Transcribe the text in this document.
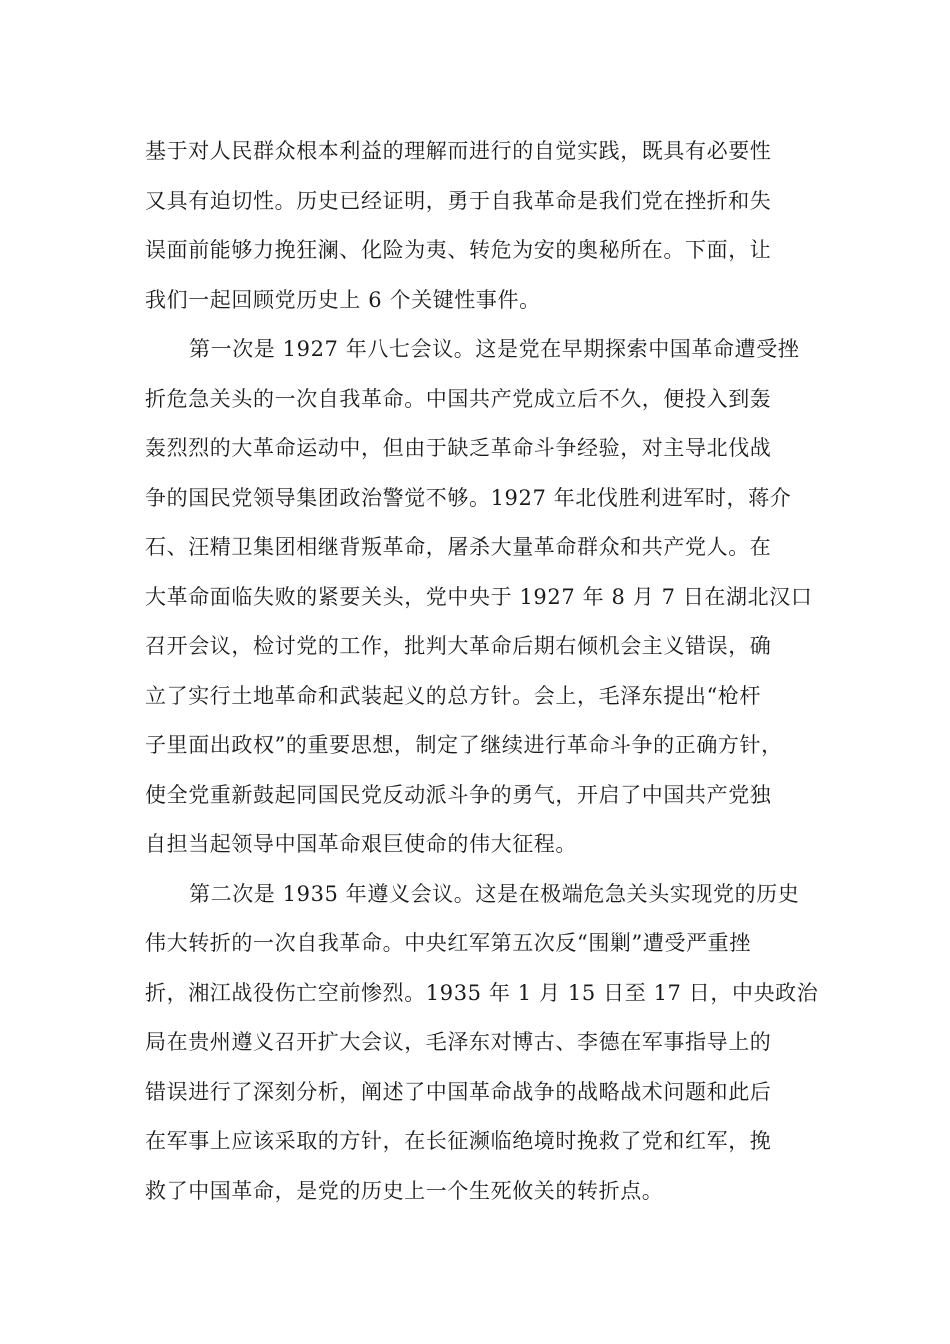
基于对人民群众根本利益的理解而进行的自觉实践，既具有必要性
又具有迫切性。历史已经证明，勇于自我革命是我们党在挫折和失
误面前能够力挽狂澜、化险为夷、转危为安的奥秘所在。下面，让
我们一起回顾党历史上 6 个关键性事件。
第一次是 1927 年八七会议。这是党在早期探索中国革命遭受挫
折危急关头的一次自我革命。中国共产党成立后不久，便投入到轰
轰烈烈的大革命运动中，但由于缺乏革命斗争经验，对主导北伐战
争的国民党领导集团政治警觉不够。1927 年北伐胜利进军时，蒋介
石、汪精卫集团相继背叛革命，屠杀大量革命群众和共产党人。在
大革命面临失败的紧要关头，党中央于 1927 年 8 月 7 日在湖北汉口
召开会议，检讨党的工作，批判大革命后期右倾机会主义错误，确
立了实行土地革命和武装起义的总方针。会上，毛泽东提出“枪杆
子里面出政权”的重要思想，制定了继续进行革命斗争的正确方针，
使全党重新鼓起同国民党反动派斗争的勇气，开启了中国共产党独
自担当起领导中国革命艰巨使命的伟大征程。
第二次是 1935 年遵义会议。这是在极端危急关头实现党的历史
伟大转折的一次自我革命。中央红军第五次反“围剿”遭受严重挫
折，湘江战役伤亡空前惨烈。1935 年 1 月 15 日至 17 日，中央政治
局在贵州遵义召开扩大会议，毛泽东对博古、李德在军事指导上的
错误进行了深刻分析，阐述了中国革命战争的战略战术问题和此后
在军事上应该采取的方针，在长征濒临绝境时挽救了党和红军，挽
救了中国革命，是党的历史上一个生死攸关的转折点。
